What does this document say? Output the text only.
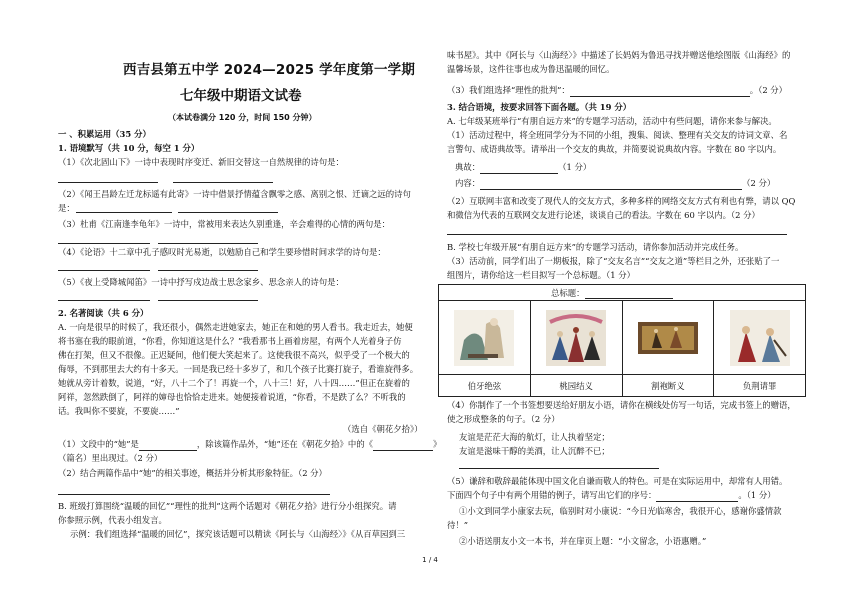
西吉县第五中学 2024—2025 学年度第一学期
七年级中期语文试卷
（本试卷满分 120 分，时间 150 分钟）
一 、积累运用（35 分）
1. 语境默写（共 10 分，每空 1 分）
（1）《次北固山下》一诗中表现时序变迁、新旧交替这一自然规律的诗句是：
（2）《闻王昌龄左迁龙标遥有此寄》一诗中借景抒情蕴含飘零之感、离别之恨、迁谪之远的诗句
是：
（3）杜甫《江南逢李龟年》一诗中，常被用来表达久别重逢，辛会难得的心情的两句是：
（4）《论语》十二章中孔子感叹时光易逝，以勉励自己和学生要珍惜时间求学的诗句是：
（5）《夜上受降城闻笛》一诗中抒写戍边战士思念家乡、思念亲人的诗句是：
2. 名著阅读（共 6 分）
A. 一向是很早的时候了，我还很小，偶然走进她家去，她正在和她的男人看书。我走近去，她便
将书塞在我的眼前道，“你看，你知道这是什么？”我看那书上画着房屋，有两个人光着身子仿
佛在打架，但又不很像。正迟疑间，他们便大笑起来了。这使我很不高兴，似乎受了一个极大的
侮辱，不到那里去大约有十多天。一回是我已经十多岁了，和几个孩子比赛打旋子，看谁旋得多。
她就从旁计着数，说道，“好，八十二个了！再旋一个，八十三！好，八十四……”但正在旋着的
阿祥，忽然跌倒了，阿祥的婶母也恰恰走进来。她便接着说道，“你看，不是跌了么？不听我的
话。我叫你不要旋，不要旋……”
（选自《朝花夕拾》）
（1）文段中的“她”是	，除该篇作品外，“她”还在《朝花夕拾》中的《	》
（篇名）里出现过。（2 分）
（2）结合两篇作品中“她”的相关事迹，概括并分析其形象特征。（2 分）
B. 班级打算围绕“温暖的回忆”“理性的批判”这两个话题对《朝花夕拾》进行分小组探究。请
你参照示例，代表小组发言。
示例：我们组选择“温暖的回忆”，探究该话题可以精读《阿长与〈山海经〉》《从百草园到三
味书屋》。其中《阿长与〈山海经〉》中描述了长妈妈为鲁迅寻找并赠送他绘图版《山海经》的
温馨场景，这件往事也成为鲁迅温暖的回忆。
（3）我们组选择“理性的批判”：	。（2 分）
3. 结合语境，按要求回答下面各题。（共 19 分）
A. 七年级某班举行“有朋自远方来”的专题学习活动，活动中有些问题，请你来参与解决。
（1）活动过程中，将全班同学分为不同的小组，搜集、阅读、整理有关交友的诗词文章、名
言警句、成语典故等。请举出一个交友的典故，并简要说说典故内容。字数在 80 字以内。
典故：	（1 分）
内容：	（2 分）
（2）互联网丰富和改变了现代人的交友方式，多种多样的网络交友方式有利也有弊，请以 QQ
和微信为代表的互联网交友进行论述，谈谈自己的看法。字数在 60 字以内。（2 分）
B. 学校七年级开展“有朋自远方来”的专题学习活动，请你参加活动并完成任务。
（3）活动前，同学们出了一期板报，除了“交友名言”“交友之道”等栏目之外，还张贴了一
组图片，请你给这一栏目拟写一个总标题。（1 分）
（4）你制作了一个书签想要送给好朋友小语，请你在横线处仿写一句话，完成书签上的赠语，
使之形成整条的句子。（2 分）
友谊是茫茫大海的航灯，让人执着坚定；
友谊是滋味干醇的美酒，让人沉醉不已；
（5）谦辞和敬辞最能体现中国文化自谦而敬人的特色。可是在实际运用中，却常有人用错。
下面四个句子中有两个用错的例子，请写出它们的序号：	。（1 分）
①小文到同学小康家去玩，临别时对小康说：“今日光临寒舍，我很开心，感谢你盛情款
待！”
②小语送朋友小文一本书，并在扉页上题：“小文留念，小语惠赠。”
总标题：			

伯牙绝弦	桃园结义	割袍断义	负荆请罪
1 / 4
